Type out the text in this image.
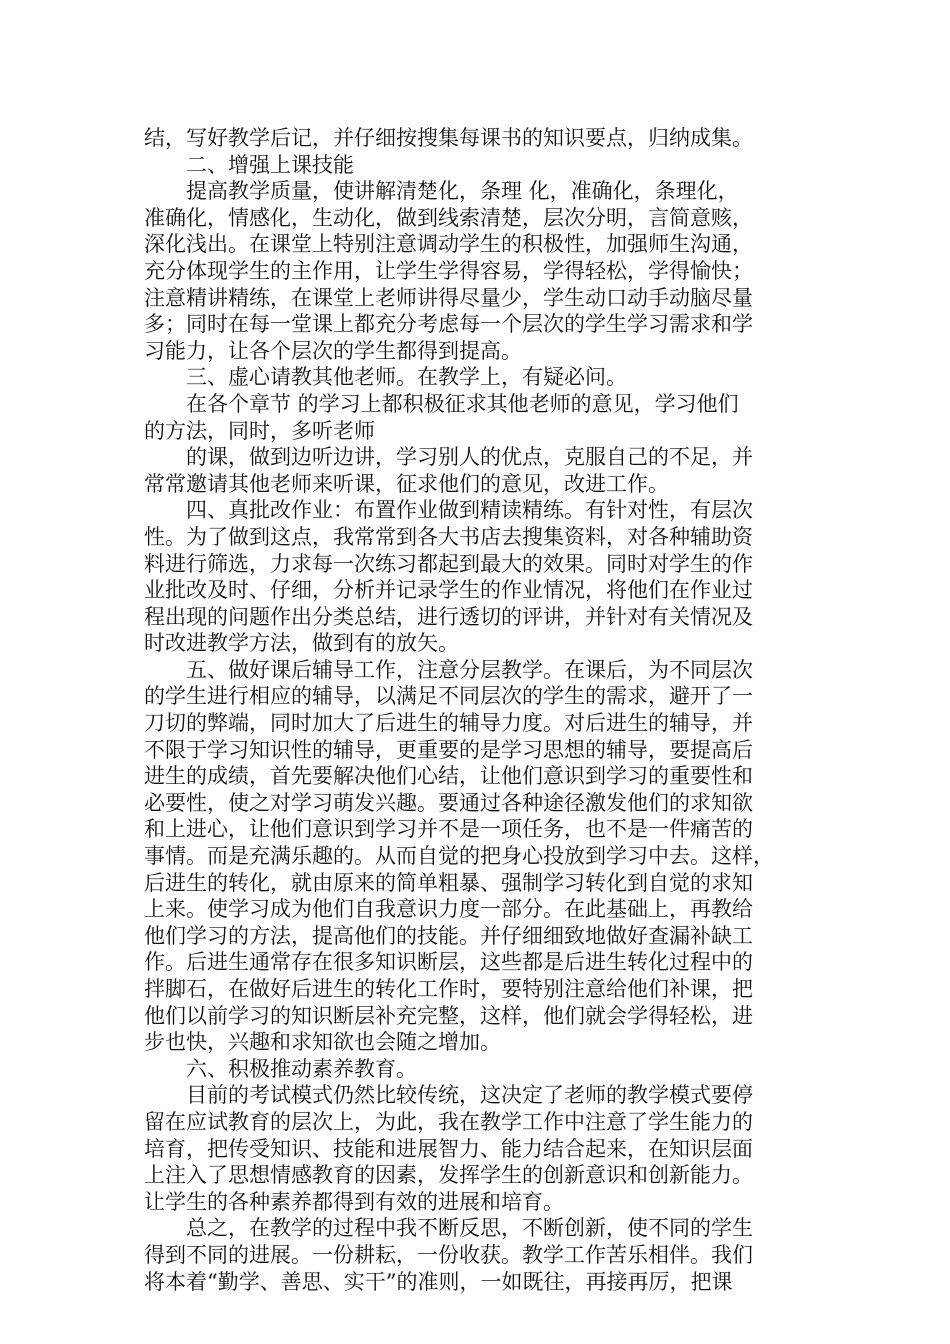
结，写好教学后记，并仔细按搜集每课书的知识要点，归纳成集。
二、增强上课技能
提高教学质量，使讲解清楚化，条理 化，准确化，条理化，
准确化，情感化，生动化，做到线索清楚，层次分明，言简意赅，
深化浅出。在课堂上特别注意调动学生的积极性，加强师生沟通，
充分体现学生的主作用，让学生学得容易，学得轻松，学得愉快；
注意精讲精练，在课堂上老师讲得尽量少，学生动口动手动脑尽量
多；同时在每一堂课上都充分考虑每一个层次的学生学习需求和学
习能力，让各个层次的学生都得到提高。
三、虚心请教其他老师。在教学上，有疑必问。
在各个章节 的学习上都积极征求其他老师的意见，学习他们
的方法，同时，多听老师
的课，做到边听边讲，学习别人的优点，克服自己的不足，并
常常邀请其他老师来听课，征求他们的意见，改进工作。
四、真批改作业：布置作业做到精读精练。有针对性，有层次
性。为了做到这点，我常常到各大书店去搜集资料，对各种辅助资
料进行筛选，力求每一次练习都起到最大的效果。同时对学生的作
业批改及时、仔细，分析并记录学生的作业情况，将他们在作业过
程出现的问题作出分类总结，进行透切的评讲，并针对有关情况及
时改进教学方法，做到有的放矢。
五、做好课后辅导工作，注意分层教学。在课后，为不同层次
的学生进行相应的辅导，以满足不同层次的学生的需求，避开了一
刀切的弊端，同时加大了后进生的辅导力度。对后进生的辅导，并
不限于学习知识性的辅导，更重要的是学习思想的辅导，要提高后
进生的成绩，首先要解决他们心结，让他们意识到学习的重要性和
必要性，使之对学习萌发兴趣。要通过各种途径激发他们的求知欲
和上进心，让他们意识到学习并不是一项任务，也不是一件痛苦的
事情。而是充满乐趣的。从而自觉的把身心投放到学习中去。这样，
后进生的转化，就由原来的简单粗暴、强制学习转化到自觉的求知
上来。使学习成为他们自我意识力度一部分。在此基础上，再教给
他们学习的方法，提高他们的技能。并仔细细致地做好查漏补缺工
作。后进生通常存在很多知识断层，这些都是后进生转化过程中的
拌脚石，在做好后进生的转化工作时，要特别注意给他们补课，把
他们以前学习的知识断层补充完整，这样，他们就会学得轻松，进
步也快，兴趣和求知欲也会随之增加。
六、积极推动素养教育。
目前的考试模式仍然比较传统，这决定了老师的教学模式要停
留在应试教育的层次上，为此，我在教学工作中注意了学生能力的
培育，把传受知识、技能和进展智力、能力结合起来，在知识层面
上注入了思想情感教育的因素，发挥学生的创新意识和创新能力。
让学生的各种素养都得到有效的进展和培育。
总之，在教学的过程中我不断反思，不断创新，使不同的学生
得到不同的进展。一份耕耘，一份收获。教学工作苦乐相伴。我们
将本着“勤学、善思、实干”的准则，一如既往，再接再厉，把课
